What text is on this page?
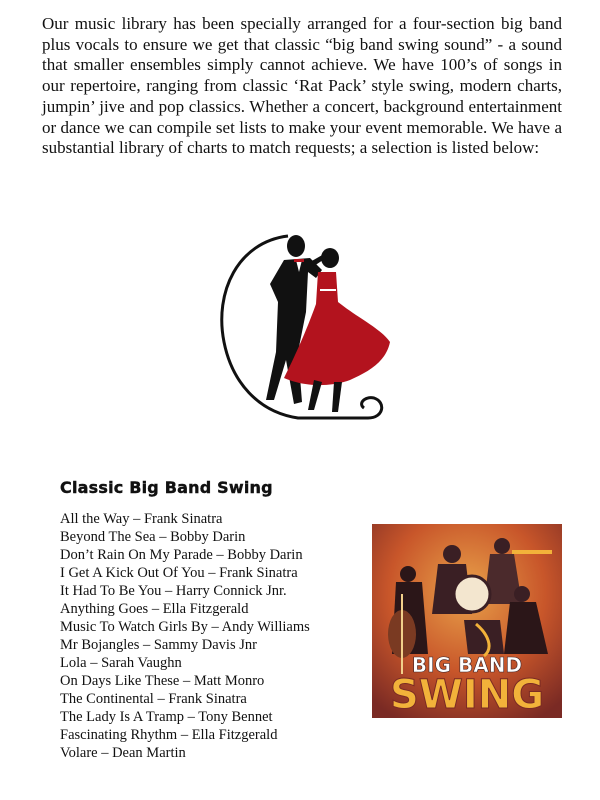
Our music library has been specially arranged for a four-section big band plus vocals to ensure we get that classic “big band swing sound” - a sound that smaller ensembles simply cannot achieve. We have 100’s of songs in our repertoire, ranging from classic ‘Rat Pack’ style swing, modern charts, jumpin’ jive and pop classics. Whether a concert, background entertainment or dance we can compile set lists to make your event memorable. We have a substantial library of charts to match requests; a selection is listed below:

Classic Big Band Swing
All the Way – Frank Sinatra
Beyond The Sea – Bobby Darin
Don’t Rain On My Parade – Bobby Darin
I Get A Kick Out Of You – Frank Sinatra
It Had To Be You – Harry Connick Jnr.
Anything Goes – Ella Fitzgerald
Music To Watch Girls By – Andy Williams
Mr Bojangles – Sammy Davis Jnr
Lola – Sarah Vaughn
On Days Like These – Matt Monro
The Continental – Frank Sinatra
The Lady Is A Tramp – Tony Bennet
Fascinating Rhythm – Ella Fitzgerald
Volare – Dean Martin
BIG BAND
SWING
